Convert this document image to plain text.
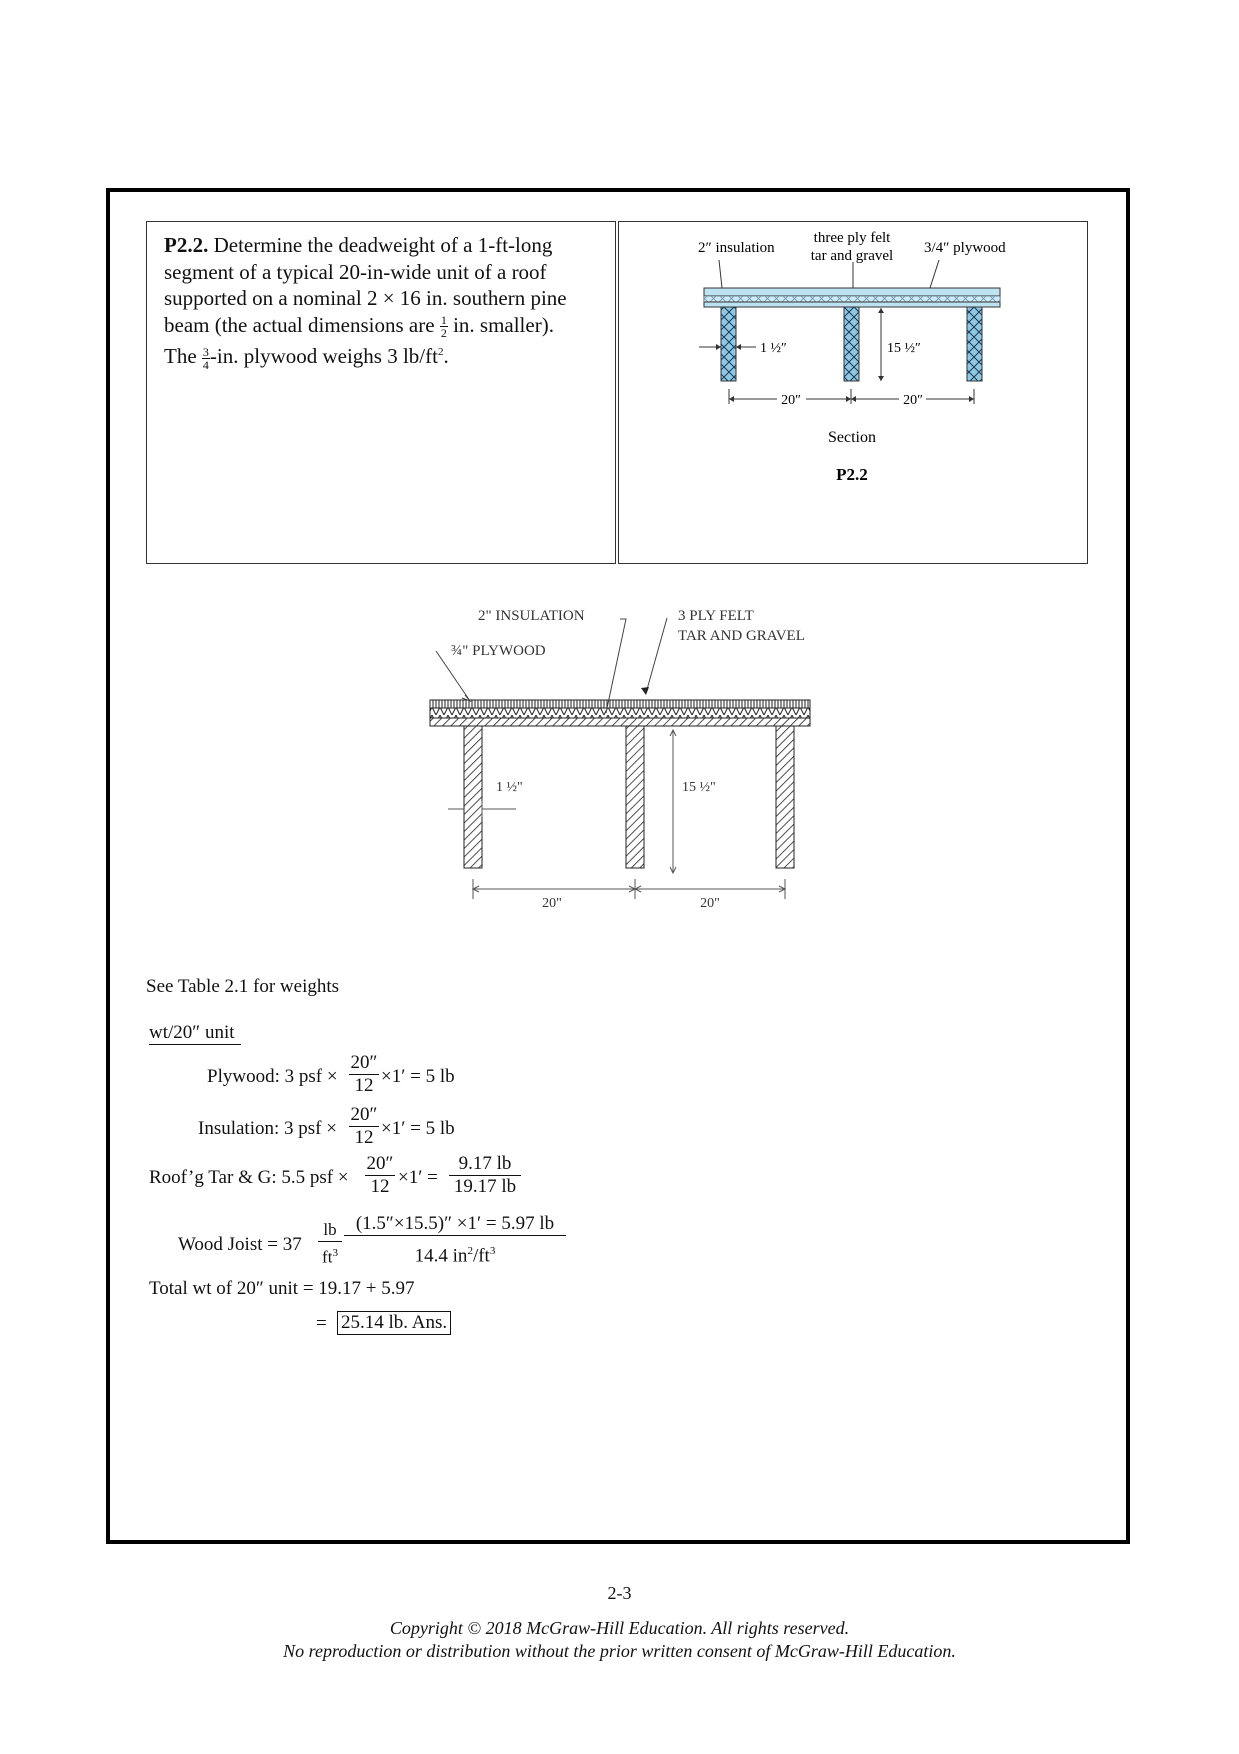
P2.2. Determine the deadweight of a 1-ft-long
segment of a typical 20-in-wide unit of a roof
supported on a nominal 2 × 16 in. southern pine
beam (the actual dimensions are $\frac{1}{2}$ in. smaller).
The $\frac{3}{4} -in$. plywood weighs 3 $lb/ft^2$.
2″ insulation
three ply felt
tar and gravel 3/4″ plywood
1 ½″	15 ½″
20″	20″
Section
P2.2
2" INSULATION	3 PLY FELT
TAR AND GRAVEL
¾" PLYWOOD
1 ½"	15 ½"
20"	20"
See Table 2.1 for weights
wt/20″ unit
Plywood: 3 psf ×
20″
12 ×1′ = 5 lb
Insulation: 3 psf ×
20″
12 ×1′ = 5 lb
Roof’g Tar & G: 5.5 psf ×
20″
12 ×1′ =
9.17 lb
19.17 lb
Wood Joist = 37
lb
$ft^3$
(1.5″×15.5)″ ×1′ = 5.97 lb
14.4 $in^2/ft^3$
Total wt of 20″ unit = 19.17 + 5.97
= 25.14 lb. Ans.
2-3
Copyright © 2018 McGraw-Hill Education. All rights reserved.
No reproduction or distribution without the prior written consent of McGraw-Hill Education.
